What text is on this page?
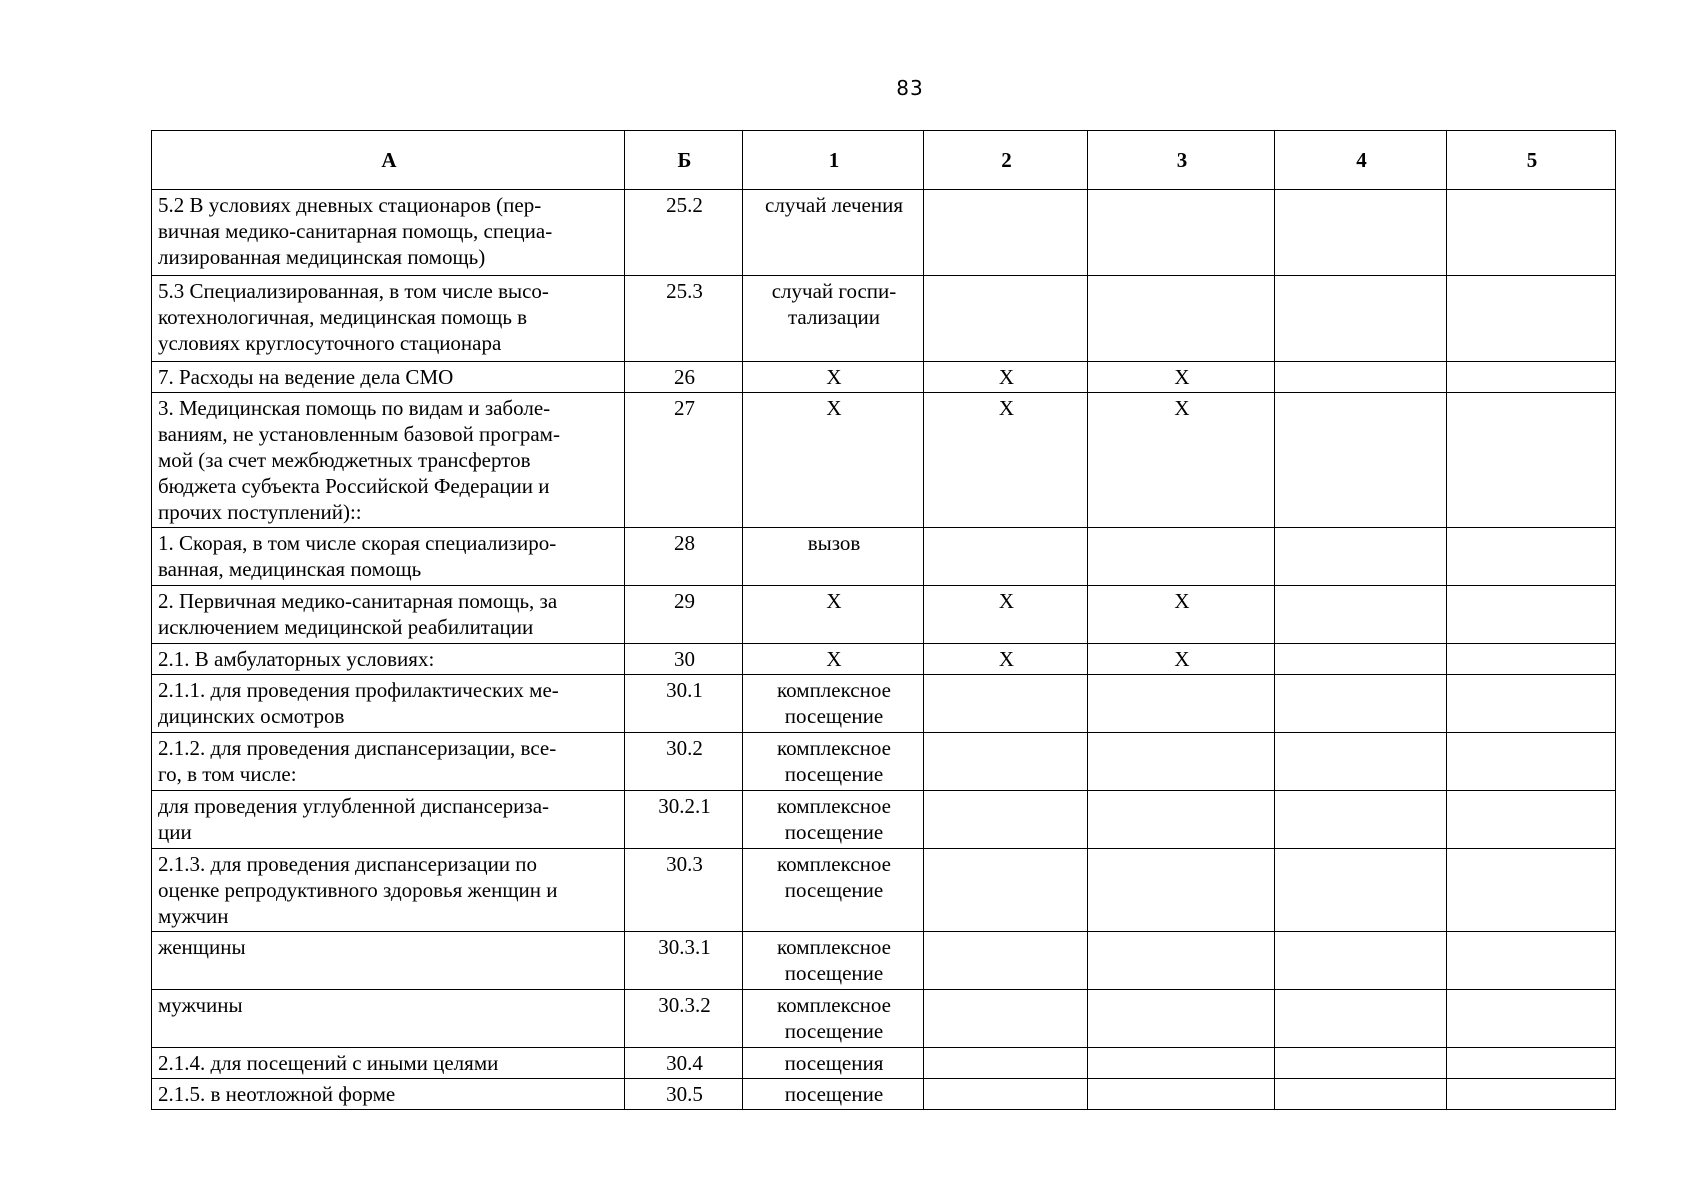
83
А	Б	1	2	3	4	5
5.2 В условиях дневных стационаров (пер-
вичная медико-санитарная помощь, специа-
лизированная медицинская помощь)	25.2	случай лечения				
5.3 Специализированная, в том числе высо-
котехнологичная, медицинская помощь в
условиях круглосуточного стационара	25.3	случай госпи-
тализации				
7. Расходы на ведение дела СМО	26	X	X	X		
3. Медицинская помощь по видам и заболе-
ваниям, не установленным базовой програм-
мой (за счет межбюджетных трансфертов
бюджета субъекта Российской Федерации и
прочих поступлений)::	27	X	X	X		
1. Скорая, в том числе скорая специализиро-
ванная, медицинская помощь	28	вызов				
2. Первичная медико-санитарная помощь, за
исключением медицинской реабилитации	29	X	X	X		
2.1. В амбулаторных условиях:	30	X	X	X		
2.1.1. для проведения профилактических ме-
дицинских осмотров	30.1	комплексное
посещение				
2.1.2. для проведения диспансеризации, все-
го, в том числе:	30.2	комплексное
посещение				
для проведения углубленной диспансериза-
ции	30.2.1	комплексное
посещение				
2.1.3. для проведения диспансеризации по
оценке репродуктивного здоровья женщин и
мужчин	30.3	комплексное
посещение				
женщины	30.3.1	комплексное
посещение				
мужчины	30.3.2	комплексное
посещение				
2.1.4. для посещений с иными целями	30.4	посещения				
2.1.5. в неотложной форме	30.5	посещение				
